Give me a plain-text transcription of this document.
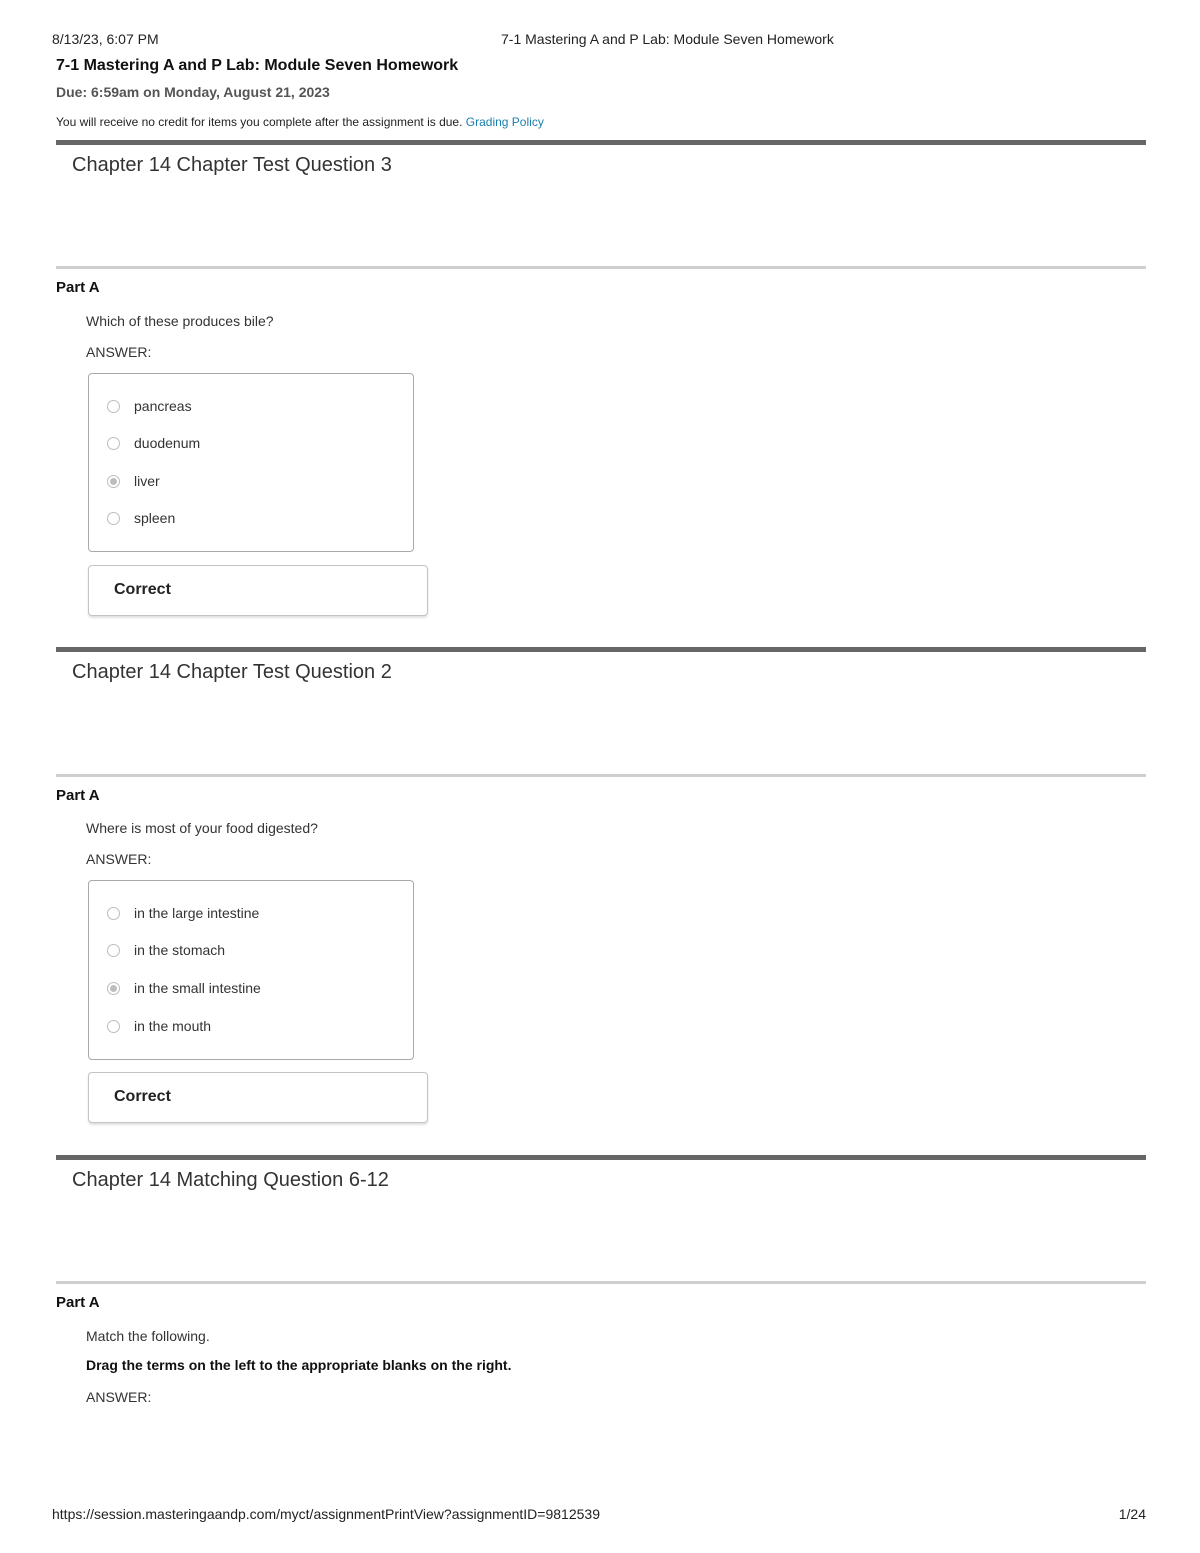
8/13/23, 6:07 PM	7-1 Mastering A and P Lab: Module Seven Homework
7-1 Mastering A and P Lab: Module Seven Homework
Due: 6:59am on Monday, August 21, 2023
You will receive no credit for items you complete after the assignment is due. Grading Policy
Chapter 14 Chapter Test Question 3
Part A
Which of these produces bile?
ANSWER:
pancreas
duodenum
liver
spleen
Correct
Chapter 14 Chapter Test Question 2
Part A
Where is most of your food digested?
ANSWER:
in the large intestine
in the stomach
in the small intestine
in the mouth
Correct
Chapter 14 Matching Question 6-12
Part A
Match the following.
Drag the terms on the left to the appropriate blanks on the right.
ANSWER:
https://session.masteringaandp.com/myct/assignmentPrintView?assignmentID=9812539	1/24
